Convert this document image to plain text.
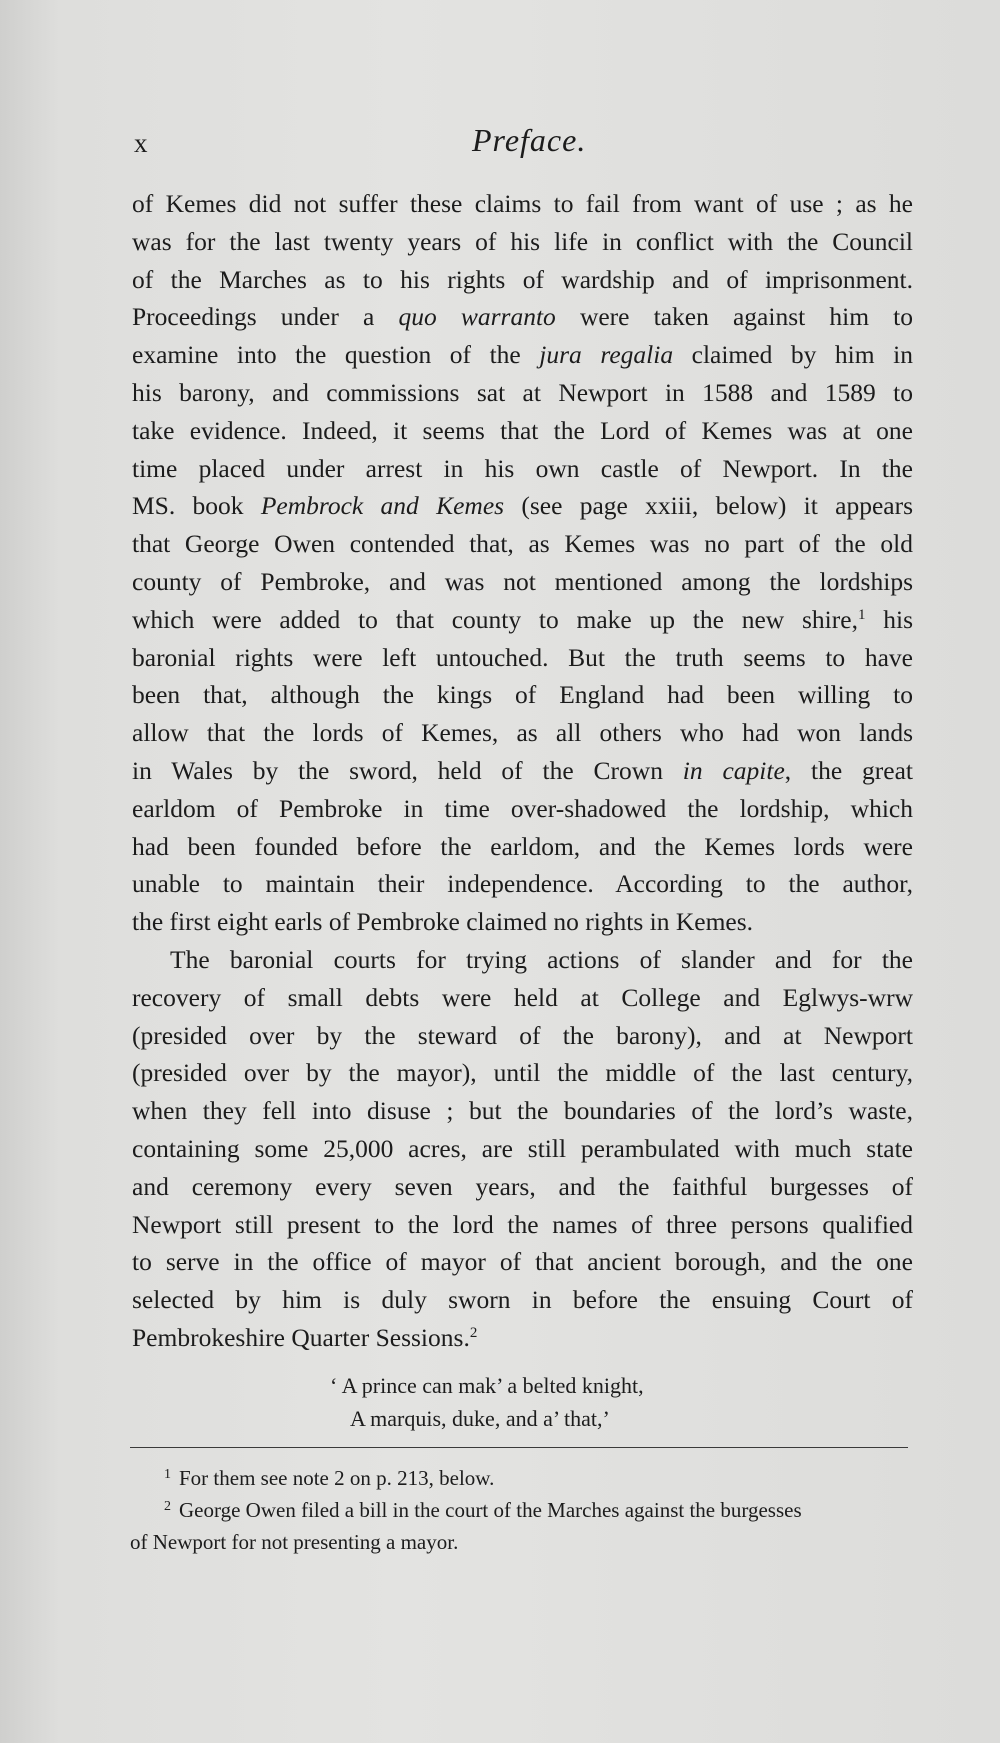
x	Preface.
of Kemes did not suffer these claims to fail from want of use ; as he
was for the last twenty years of his life in conflict with the Council
of the Marches as to his rights of wardship and of imprisonment.
Proceedings under a quo warranto were taken against him to
examine into the question of the jura regalia claimed by him in
his barony, and commissions sat at Newport in 1588 and 1589 to
take evidence. Indeed, it seems that the Lord of Kemes was at one
time placed under arrest in his own castle of Newport. In the
MS. book Pembrock and Kemes (see page xxiii, below) it appears
that George Owen contended that, as Kemes was no part of the old
county of Pembroke, and was not mentioned among the lordships
which were added to that county to make up the new shire,$^1$ his
baronial rights were left untouched. But the truth seems to have
been that, although the kings of England had been willing to
allow that the lords of Kemes, as all others who had won lands
in Wales by the sword, held of the Crown in capite, the great
earldom of Pembroke in time over-shadowed the lordship, which
had been founded before the earldom, and the Kemes lords were
unable to maintain their independence. According to the author,
the first eight earls of Pembroke claimed no rights in Kemes.
The baronial courts for trying actions of slander and for the
recovery of small debts were held at College and Eglwys-wrw
(presided over by the steward of the barony), and at Newport
(presided over by the mayor), until the middle of the last century,
when they fell into disuse ; but the boundaries of the lord’s waste,
containing some 25,000 acres, are still perambulated with much state
and ceremony every seven years, and the faithful burgesses of
Newport still present to the lord the names of three persons qualified
to serve in the office of mayor of that ancient borough, and the one
selected by him is duly sworn in before the ensuing Court of
Pembrokeshire Quarter Sessions.$^2$
‘ A prince can mak’ a belted knight,
A marquis, duke, and a’ that,’
$^1$ For them see note 2 on p. 213, below.
$^2$ George Owen filed a bill in the court of the Marches against the burgesses
of Newport for not presenting a mayor.
